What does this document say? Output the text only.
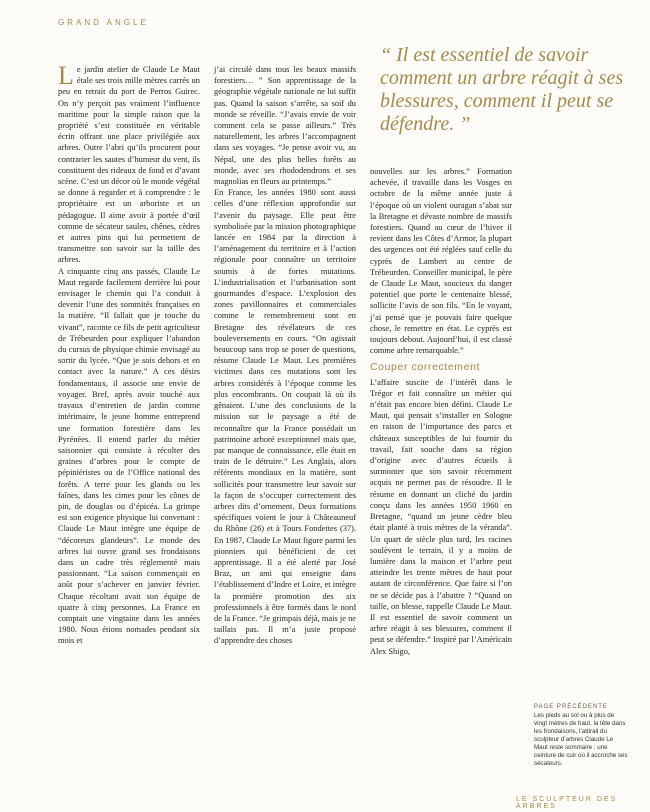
GRAND ANGLE
“ Il est essentiel de savoir comment un arbre réagit à ses blessures, comment il peut se défendre. ”

Le jardin atelier de Claude Le Maut étale ses trois mille mètres carrés un peu en retrait du port de Perros Guirec. On n’y perçoit pas vraiment l’influence maritime pour la simple raison que la propriété s’est constituée en véritable écrin offrant une place privilégiée aux arbres. Outre l’abri qu’ils procurent pour contrarier les sautes d’humeur du vent, ils constituent des rideaux de fond et d’avant scène. C’est un décor où le monde végétal se donne à regarder et à comprendre : le propriétaire est un arboriste et un pédagogue. Il aime avoir à portée d’œil comme de sécateur saules, chênes, cèdres et autres pins qui lui permettent de transmettre son savoir sur la taille des arbres.

A cinquante cinq ans passés, Claude Le Maut regarde facilement derrière lui pour envisager le chemin qui l’a conduit à devenir l’une des sommités françaises en la matière. “Il fallait que je touche du vivant”, raconte ce fils de petit agriculteur de Trébeurden pour expliquer l’abandon du cursus de physique chimie envisagé au sortir du lycée. “Que je sois dehors et en contact avec la nature.” A ces désirs fondamentaux, il associe une envie de voyager. Bref, après avoir touché aux travaux d’entretien de jardin comme intérimaire, le jeune homme entreprend une formation forestière dans les Pyrénées. Il entend parler du métier saisonnier qui consiste à récolter des graines d’arbres pour le compte de pépiniéristes ou de l’Office national des forêts. A terre pour les glands ou les faînes, dans les cimes pour les cônes de pin, de douglas ou d’épicéa. La grimpe est son exigence physique lui convenant : Claude Le Maut intègre une équipe de “décoreurs glandeurs”. Le monde des arbres lui ouvre grand ses frondaisons dans un cadre très réglementé mais passionnant. “La saison commençait en août pour s’achever en janvier février. Chaque récoltant avait son équipe de quatre à cinq personnes. La France en comptait une vingtaine dans les années 1980. Nous étions nomades pendant six mois et

j’ai circulé dans tous les beaux massifs forestiers… ” Son apprentissage de la géographie végétale nationale ne lui suffit pas. Quand la saison s’arrête, sa soif du monde se réveille. “J’avais envie de voir comment cela se passe ailleurs.” Très naturellement, les arbres l’accompagnent dans ses voyages. “Je pense avoir vu, au Népal, une des plus belles forêts au monde, avec ses rhododendrons et ses magnolias en fleurs au printemps.”

En France, les années 1980 sont aussi celles d’une réflexion approfondie sur l’avenir du paysage. Elle peut être symbolisée par la mission photographique lancée en 1984 par la direction à l’aménagement du territoire et à l’action régionale pour connaître un territoire soumis à de fortes mutations. L’industrialisation et l’urbanisation sont gourmandes d’espace. L’explosion des zones pavillonnaires et commerciales comme le remembrement sont en Bretagne des révélateurs de ces bouleversements en cours. “On agissait beaucoup sans trop se poser de questions, résume Claude Le Maut. Les premières victimes dans ces mutations sont les arbres considérés à l’époque comme les plus encombrants. On coupait là où ils gênaient. L’une des conclusions de la mission sur le paysage a été de reconnaître que la France possédait un patrimoine arboré exceptionnel mais que, par manque de connaissance, elle était en train de le détruire.” Les Anglais, alors référents mondiaux en la matière, sont sollicités pour transmettre leur savoir sur la façon de s’occuper correctement des arbres dits d’ornement. Deux formations spécifiques voient le jour à Châteauneuf du Rhône (26) et à Tours Fondettes (37). En 1987, Claude Le Maut figure parmi les pionniers qui bénéficient de cet apprentissage. Il a été alerté par José Braz, un ami qui enseigne dans l’établissement d’Indre et Loire, et intègre la première promotion des six professionnels à être formés dans le nord de la France. “Je grimpais déjà, mais je ne taillais pas. Il m’a juste proposé d’apprendre des choses

nouvelles sur les arbres.” Formation achevée, il travaille dans les Vosges en octobre de la même année juste à l’époque où un violent ouragan s’abat sur la Bretagne et dévaste nombre de massifs forestiers. Quand au cœur de l’hiver il revient dans les Côtes d’Armor, la plupart des urgences ont été réglées sauf celle du cyprès de Lambert au centre de Trébeurden. Conseiller municipal, le père de Claude Le Maut, soucieux du danger potentiel que porte le centenaire blessé, sollicite l’avis de son fils. “En le voyant, j’ai pensé que je pouvais faire quelque chose, le remettre en état. Le cyprès est toujours debout. Aujourd’hui, il est classé comme arbre remarquable.”

Couper correctement

L’affaire suscite de l’intérêt dans le Trégor et fait connaître un métier qui n’était pas encore bien défini. Claude Le Maut, qui pensait s’installer en Sologne en raison de l’importance des parcs et châteaux susceptibles de lui fournir du travail, fait souche dans sa région d’origine avec d’autres écueils à surmonter que son savoir récemment acquis ne permet pas de résoudre. Il le résume en donnant un cliché du jardin conçu dans les années 1950 1960 en Bretagne, “quand un jeune cèdre bleu était planté à trois mètres de la véranda”. Un quart de siècle plus tard, les racines soulèvent le terrain, il y a moins de lumière dans la maison et l’arbre peut atteindre les trente mètres de haut pour autant de circonférence. Que faire si l’on ne se décide pas à l’abattre ? “Quand on taille, on blesse, rappelle Claude Le Maut. Il est essentiel de savoir comment un arbre réagit à ses blessures, comment il peut se défendre.” Inspiré par l’Américain Alex Shigo,

PAGE PRÉCÉDENTE
Les pieds au sol ou à plus de vingt mètres de haut, la tête dans les frondaisons, l’attirail du sculpteur d’arbres Claude Le Maut reste sommaire : une ceinture de cuir où il accroche ses sécateurs.
LE SCULPTEUR DES ARBRES
